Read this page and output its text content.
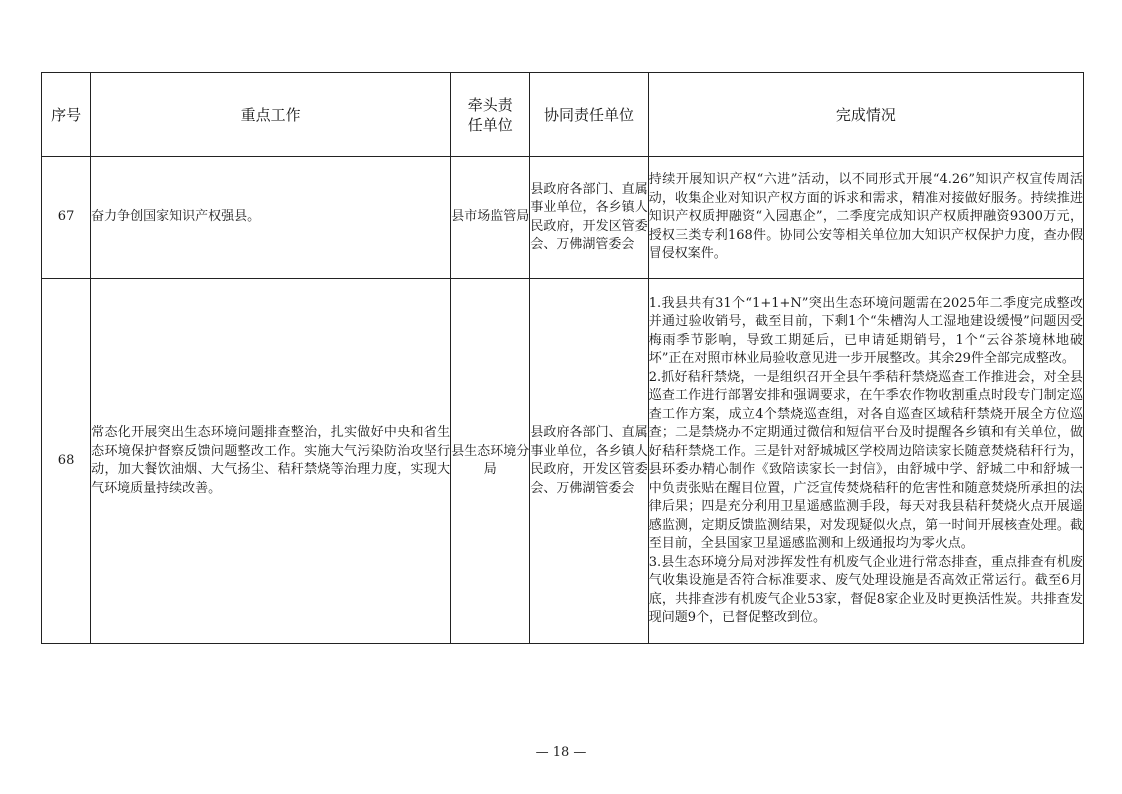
序号	重点工作	牵头责任单位	协同责任单位	完成情况
67	奋力争创国家知识产权强县。	县市场监管局	县政府各部门、直属事业单位，各乡镇人民政府，开发区管委会、万佛湖管委会	持续开展知识产权“六进”活动，以不同形式开展“4.26”知识产权宣传周活动，收集企业对知识产权方面的诉求和需求，精准对接做好服务。持续推进知识产权质押融资“入园惠企”，二季度完成知识产权质押融资9300万元，授权三类专利168件。协同公安等相关单位加大知识产权保护力度，查办假冒侵权案件。

68	常态化开展突出生态环境问题排查整治，扎实做好中央和省生态环境保护督察反馈问题整改工作。实施大气污染防治攻坚行动，加大餐饮油烟、大气扬尘、秸秆禁烧等治理力度，实现大气环境质量持续改善。	县生态环境分局	县政府各部门、直属事业单位，各乡镇人民政府，开发区管委会、万佛湖管委会	1.我县共有31个“1+1+N”突出生态环境问题需在2025年二季度完成整改并通过验收销号，截至目前，下剩1个“朱槽沟人工湿地建设缓慢”问题因受梅雨季节影响，导致工期延后，已申请延期销号，1个“云谷茶境林地破坏”正在对照市林业局验收意见进一步开展整改。其余29件全部完成整改。
2.抓好秸秆禁烧，一是组织召开全县午季秸秆禁烧巡查工作推进会，对全县巡查工作进行部署安排和强调要求，在午季农作物收割重点时段专门制定巡查工作方案，成立4个禁烧巡查组，对各自巡查区域秸秆禁烧开展全方位巡查；二是禁烧办不定期通过微信和短信平台及时提醒各乡镇和有关单位，做好秸秆禁烧工作。三是针对舒城城区学校周边陪读家长随意焚烧秸秆行为，县环委办精心制作《致陪读家长一封信》，由舒城中学、舒城二中和舒城一中负责张贴在醒目位置，广泛宣传焚烧秸秆的危害性和随意焚烧所承担的法律后果；四是充分利用卫星遥感监测手段，每天对我县秸秆焚烧火点开展遥感监测，定期反馈监测结果，对发现疑似火点，第一时间开展核查处理。截至目前，全县国家卫星遥感监测和上级通报均为零火点。
3.县生态环境分局对涉挥发性有机废气企业进行常态排查，重点排查有机废气收集设施是否符合标准要求、废气处理设施是否高效正常运行。截至6月底，共排查涉有机废气企业53家，督促8家企业及时更换活性炭。共排查发现问题9个，已督促整改到位。
— 18 —
